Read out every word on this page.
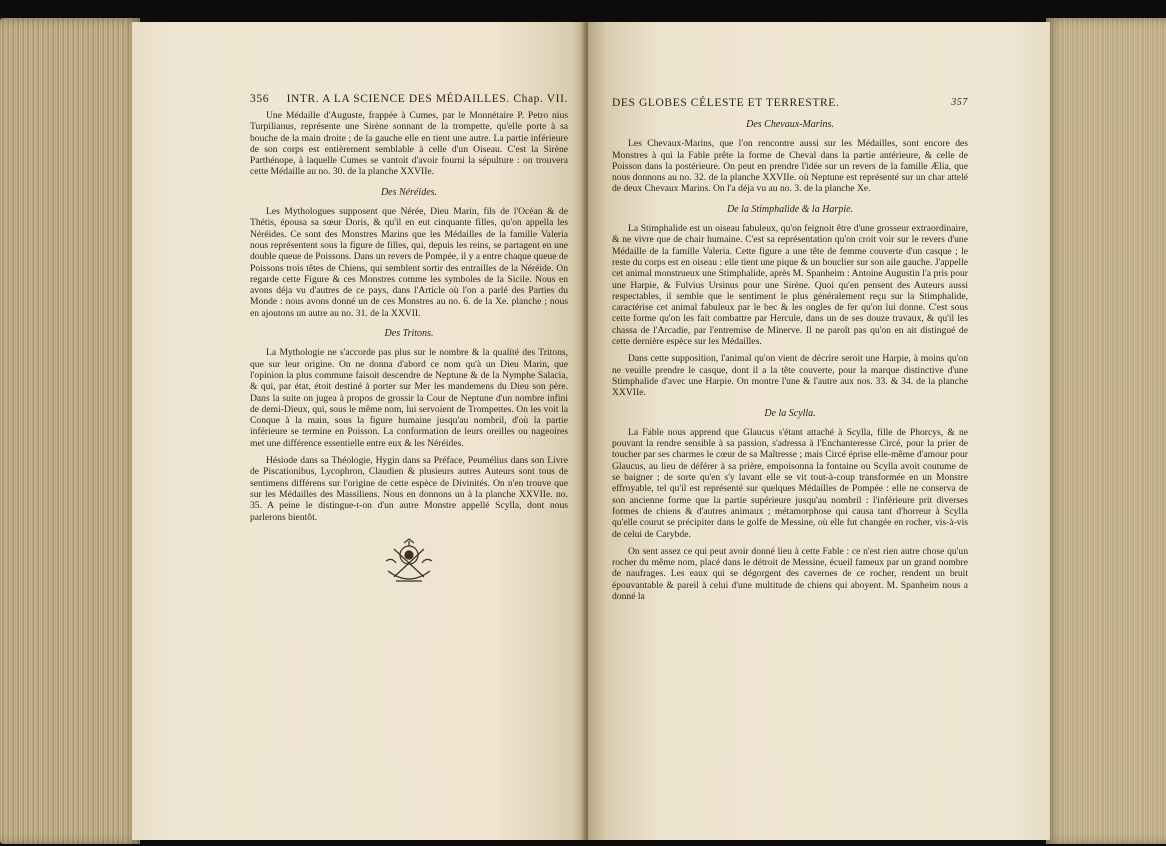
356 INTR. A LA SCIENCE DES MÉDAILLES. Chap. VII.

Une Médaille d'Auguste, frappée à Cumes, par le Monnétaire P. Petro nius Turpilianus, représente une Sirène sonnant de la trompette, qu'elle porte à sa bouche de la main droite ; de la gauche elle en tient une autre. La partie inférieure de son corps est entièrement semblable à celle d'un Oiseau. C'est la Sirène Parthénope, à laquelle Cumes se vantoit d'avoir fourni la sépulture : on trouvera cette Médaille au no. 30. de la planche XXVIIe.

Des Néréides.

Les Mythologues supposent que Nérée, Dieu Marin, fils de l'Océan & de Thétis, épousa sa sœur Doris, & qu'il en eut cinquante filles, qu'on appella les Néréides. Ce sont des Monstres Marins que les Médailles de la famille Valeria nous représentent sous la figure de filles, qui, depuis les reins, se partagent en une double queue de Poissons. Dans un revers de Pompée, il y a entre chaque queue de Poissons trois têtes de Chiens, qui semblent sortir des entrailles de la Néréide. On regarde cette Figure & ces Monstres comme les symboles de la Sicile. Nous en avons déja vu d'autres de ce pays, dans l'Article où l'on a parlé des Parties du Monde : nous avons donné un de ces Monstres au no. 6. de la Xe. planche ; nous en ajoutons un autre au no. 31. de la XXVII.

Des Tritons.

La Mythologie ne s'accorde pas plus sur le nombre & la qualité des Tritons, que sur leur origine. On ne donna d'abord ce nom qu'à un Dieu Marin, que l'opinion la plus commune faisoit descendre de Neptune & de la Nymphe Salacia, & qui, par état, étoit destiné à porter sur Mer les mandemens du Dieu son père. Dans la suite on jugea à propos de grossir la Cour de Neptune d'un nombre infini de demi-Dieux, qui, sous le même nom, lui servoient de Trompettes. On les voit la Conque à la main, sous la figure humaine jusqu'au nombril, d'où la partie inférieure se termine en Poisson. La conformation de leurs oreilles ou nageoires met une différence essentielle entre eux & les Néréides.

Hésiode dans sa Théologie, Hygin dans sa Préface, Peumélius dans son Livre de Piscationibus, Lycophron, Claudien & plusieurs autres Auteurs sont tous de sentimens différens sur l'origine de cette espèce de Divinités. On n'en trouve que sur les Médailles des Massiliens. Nous en donnons un à la planche XXVIIe. no. 35. A peine le distingue-t-on d'un autre Monstre appellé Scylla, dont nous parlerons bientôt.

DES GLOBES CÉLESTE ET TERRESTRE.	357
Des Chevaux-Marins.

Les Chevaux-Marins, que l'on rencontre aussi sur les Médailles, sont encore des Monstres à qui la Fable prête la forme de Cheval dans la partie antérieure, & celle de Poisson dans la postérieure. On peut en prendre l'idée sur un revers de la famille Ælia, que nous donnons au no. 32. de la planche XXVIIe. où Neptune est représenté sur un char attelé de deux Chevaux Marins. On l'a déja vu au no. 3. de la planche Xe.

De la Stimphalide & la Harpie.

La Stimphalide est un oiseau fabuleux, qu'on feignoit être d'une grosseur extraordinaire, & ne vivre que de chair humaine. C'est sa représentation qu'on croit voir sur le revers d'une Médaille de la famille Valeria. Cette figure a une tête de femme couverte d'un casque ; le reste du corps est en oiseau : elle tient une pique & un bouclier sur son aile gauche. J'appelle cet animal monstrueux une Stimphalide, après M. Spanheim : Antoine Augustin l'a pris pour une Harpie, & Fulvius Ursinus pour une Sirène. Quoi qu'en pensent des Auteurs aussi respectables, il semble que le sentiment le plus généralement reçu sur la Stimphalide, caractérise cet animal fabuleux par le bec & les ongles de fer qu'on lui donne. C'est sous cette forme qu'on les fait combattre par Hercule, dans un de ses douze travaux, & qu'il les chassa de l'Arcadie, par l'entremise de Minerve. Il ne paroît pas qu'on en ait distingué de cette dernière espèce sur les Médailles.

Dans cette supposition, l'animal qu'on vient de décrire seroit une Harpie, à moins qu'on ne veuille prendre le casque, dont il a la tête couverte, pour la marque distinctive d'une Stimphalide d'avec une Harpie. On montre l'une & l'autre aux nos. 33. & 34. de la planche XXVIIe.

De la Scylla.

La Fable nous apprend que Glaucus s'étant attaché à Scylla, fille de Phorcys, & ne pouvant la rendre sensible à sa passion, s'adressa à l'Enchanteresse Circé, pour la prier de toucher par ses charmes le cœur de sa Maîtresse ; mais Circé éprise elle-même d'amour pour Glaucus, au lieu de déférer à sa prière, empoisonna la fontaine ou Scylla avoit coutume de se baigner ; de sorte qu'en s'y lavant elle se vit tout-à-coup transformée en un Monstre effroyable, tel qu'il est représenté sur quelques Médailles de Pompée : elle ne conserva de son ancienne forme que la partie supérieure jusqu'au nombril : l'inférieure prit diverses formes de chiens & d'autres animaux ; métamorphose qui causa tant d'horreur à Scylla qu'elle courut se précipiter dans le golfe de Messine, où elle fut changée en rocher, vis-à-vis de celui de Carybde.

On sent assez ce qui peut avoir donné lieu à cette Fable : ce n'est rien autre chose qu'un rocher du même nom, placé dans le détroit de Messine, écueil fameux par un grand nombre de naufrages. Les eaux qui se dégorgent des cavernes de ce rocher, rendent un bruit épouvantable & pareil à celui d'une multitude de chiens qui aboyent. M. Spanheim nous a donné la
